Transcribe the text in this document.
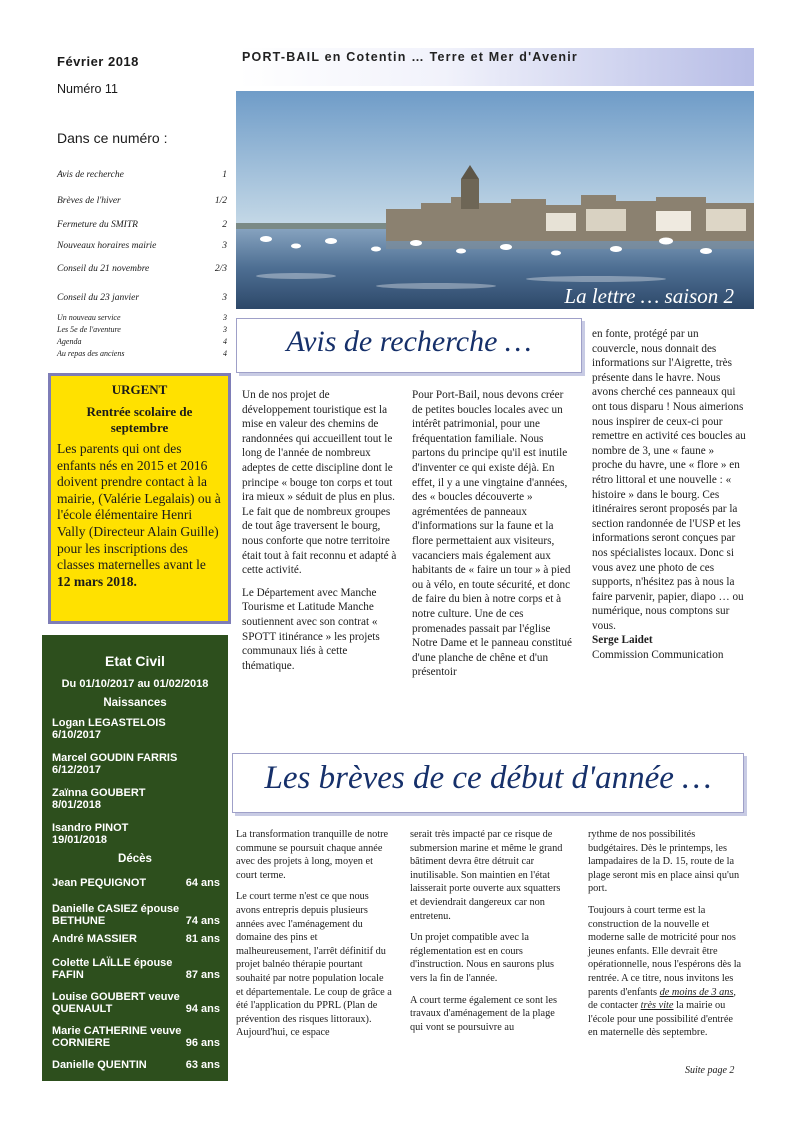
Février 2018
Numéro 11
Dans ce numéro :
Avis de recherche	1
Brèves de l'hiver	1/2
Fermeture du SMITR	2
Nouveaux horaires mairie	3
Conseil du 21 novembre	2/3
Conseil du 23 janvier	3
Un nouveau service	3
Les 5e de l'aventure	3
Agenda	4
Au repas des anciens	4
PORT-BAIL en Cotentin … Terre et Mer d'Avenir
La lettre … saison 2
URGENT
Rentrée scolaire de septembre
Les parents qui ont des enfants nés en 2015 et 2016 doivent prendre contact à la mairie, (Valérie Legalais) ou à l'école élémentaire Henri Vally (Directeur Alain Guille) pour les inscriptions des classes maternelles avant le 12 mars 2018.
Etat Civil
Du 01/10/2017 au 01/02/2018
Naissances
Logan LEGASTELOIS
6/10/2017
Marcel GOUDIN FARRIS
6/12/2017
Zaïnna GOUBERT
8/01/2018
Isandro PINOT
19/01/2018
Décès
Jean PEQUIGNOT	64 ans
Danielle CASIEZ épouse
BETHUNE	74 ans
André MASSIER	81 ans
Colette LAÏLLE épouse
FAFIN	87 ans
Louise GOUBERT veuve
QUENAULT	94 ans
Marie CATHERINE veuve
CORNIERE	96 ans
Danielle QUENTIN	63 ans
Avis de recherche …

Un de nos projet de développement touristique est la mise en valeur des chemins de randonnées qui accueillent tout le long de l'année de nombreux adeptes de cette discipline dont le principe « bouge ton corps et tout ira mieux » séduit de plus en plus. Le fait que de nombreux groupes de tout âge traversent le bourg, nous conforte que notre territoire était tout à fait reconnu et adapté à cette activité.

Le Département avec Manche Tourisme et Latitude Manche soutiennent avec son contrat « SPOTT itinérance » les projets communaux liés à cette thématique.

Pour Port-Bail, nous devons créer de petites boucles locales avec un intérêt patrimonial, pour une fréquentation familiale. Nous partons du principe qu'il est inutile d'inventer ce qui existe déjà. En effet, il y a une vingtaine d'années, des « boucles découverte » agrémentées de panneaux d'informations sur la faune et la flore permettaient aux visiteurs, vacanciers mais également aux habitants de « faire un tour » à pied ou à vélo, en toute sécurité, et donc de faire du bien à notre corps et à notre culture. Une de ces promenades passait par l'église Notre Dame et le panneau constitué d'une planche de chêne et d'un présentoir

en fonte, protégé par un couvercle, nous donnait des informations sur l'Aigrette, très présente dans le havre. Nous avons cherché ces panneaux qui ont tous disparu ! Nous aimerions nous inspirer de ceux-ci pour remettre en activité ces boucles au nombre de 3, une « faune » proche du havre, une « flore » en rétro littoral et une nouvelle : « histoire » dans le bourg. Ces itinéraires seront proposés par la section randonnée de l'USP et les informations seront conçues par nos spécialistes locaux. Donc si vous avez une photo de ces supports, n'hésitez pas à nous la faire parvenir, papier, diapo … ou numérique, nous comptons sur vous.

Serge Laidet
Commission Communication
Les brèves de ce début d'année …

La transformation tranquille de notre commune se poursuit chaque année avec des projets à long, moyen et court terme.

Le court terme n'est ce que nous avons entrepris depuis plusieurs années avec l'aménagement du domaine des pins et malheureusement, l'arrêt définitif du projet balnéo thérapie pourtant souhaité par notre population locale et départementale. Le coup de grâce a été l'application du PPRL (Plan de prévention des risques littoraux). Aujourd'hui, ce espace

serait très impacté par ce risque de submersion marine et même le grand bâtiment devra être détruit car inutilisable. Son maintien en l'état laisserait porte ouverte aux squatters et deviendrait dangereux car non entretenu.

Un projet compatible avec la réglementation est en cours d'instruction. Nous en saurons plus vers la fin de l'année.

A court terme également ce sont les travaux d'aménagement de la plage qui vont se poursuivre au

rythme de nos possibilités budgétaires. Dès le printemps, les lampadaires de la D. 15, route de la plage seront mis en place ainsi qu'un port.

Toujours à court terme est la construction de la nouvelle et moderne salle de motricité pour nos jeunes enfants. Elle devrait être opérationnelle, nous l'espérons dès la rentrée. A ce titre, nous invitons les parents d'enfants de moins de 3 ans, de contacter très vite la mairie ou l'école pour une possibilité d'entrée en maternelle dès septembre.

Suite page 2
